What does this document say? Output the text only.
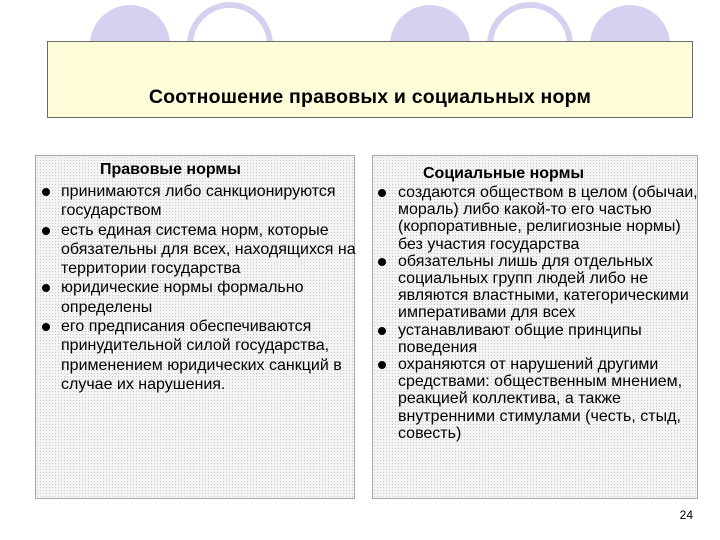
Соотношение правовых и социальных норм
Правовые нормы
принимаются либо санкционируются государством
есть единая система норм, которые обязательны для всех, находящихся на территории государства
юридические нормы формально определены
его предписания обеспечиваются принудительной силой государства, применением юридических санкций в случае их нарушения.
Социальные нормы
создаются обществом в целом (обычаи, мораль) либо какой-то его частью (корпоративные, религиозные нормы) без участия государства
обязательны лишь для отдельных социальных групп людей либо не являются властными, категорическими императивами для всех
устанавливают общие принципы поведения
охраняются от нарушений другими средствами: общественным мнением, реакцией коллектива, а также внутренними стимулами (честь, стыд, совесть)
24
